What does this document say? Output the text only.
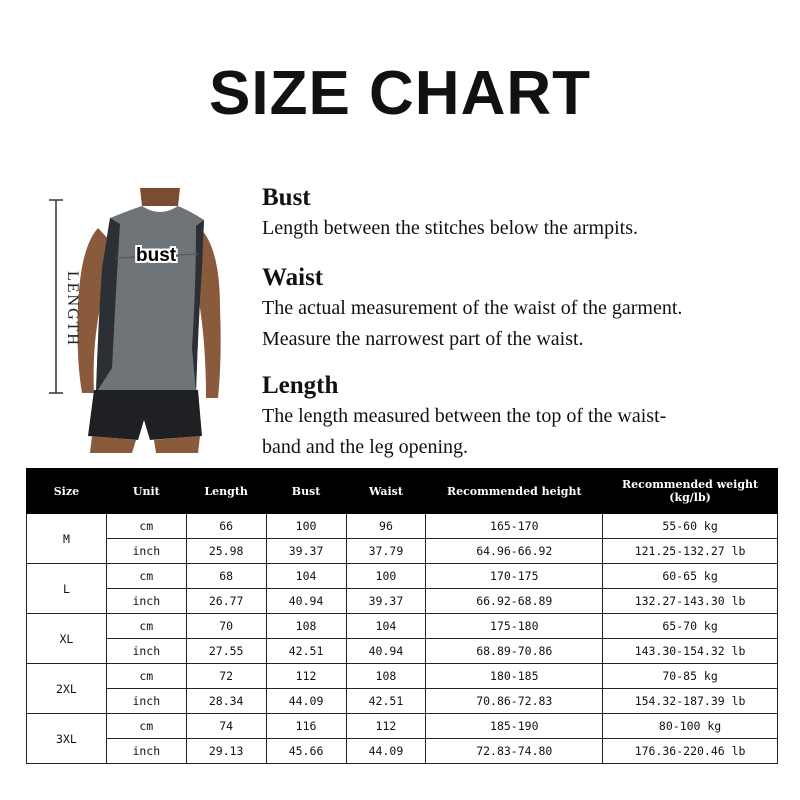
SIZE CHART
LENGTH
bust
Bust

Length between the stitches below the armpits.

Waist

The actual measurement of the waist of the garment.

Measure the narrowest part of the waist.

Length

The length measured between the top of the waist-

band and the leg opening.

Size	Unit	Length	Bust	Waist	Recommended height	Recommended weight
(kg/lb)
M	cm	66	100	96	165-170	55-60 kg
	inch	25.98	39.37	37.79	64.96-66.92	121.25-132.27 lb
L	cm	68	104	100	170-175	60-65 kg
	inch	26.77	40.94	39.37	66.92-68.89	132.27-143.30 lb
XL	cm	70	108	104	175-180	65-70 kg
	inch	27.55	42.51	40.94	68.89-70.86	143.30-154.32 lb
2XL	cm	72	112	108	180-185	70-85 kg
	inch	28.34	44.09	42.51	70.86-72.83	154.32-187.39 lb
3XL	cm	74	116	112	185-190	80-100 kg
	inch	29.13	45.66	44.09	72.83-74.80	176.36-220.46 lb
